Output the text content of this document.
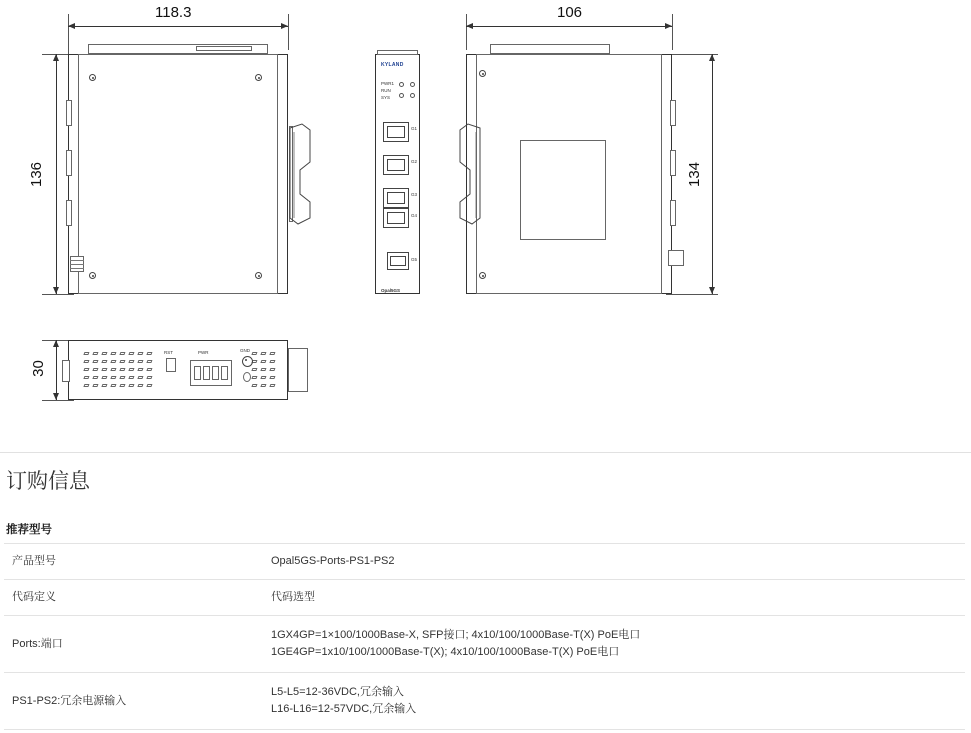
118.3
136
KYLAND
PWR1
RUN
SYS
G1
G2
G3
G4
G5
Opal5GS
106
134
30
RST	PWR	GND
订购信息
推荐型号
产品型号	Opal5GS-Ports-PS1-PS2

代码定义	代码选型

Ports:端口	1GX4GP=1×100/1000Base-X, SFP接口; 4x10/100/1000Base-T(X) PoE电口
1GE4GP=1x10/100/1000Base-T(X); 4x10/100/1000Base-T(X) PoE电口

PS1-PS2:冗余电源输入	L5-L5=12-36VDC,冗余输入
L16-L16=12-57VDC,冗余输入
